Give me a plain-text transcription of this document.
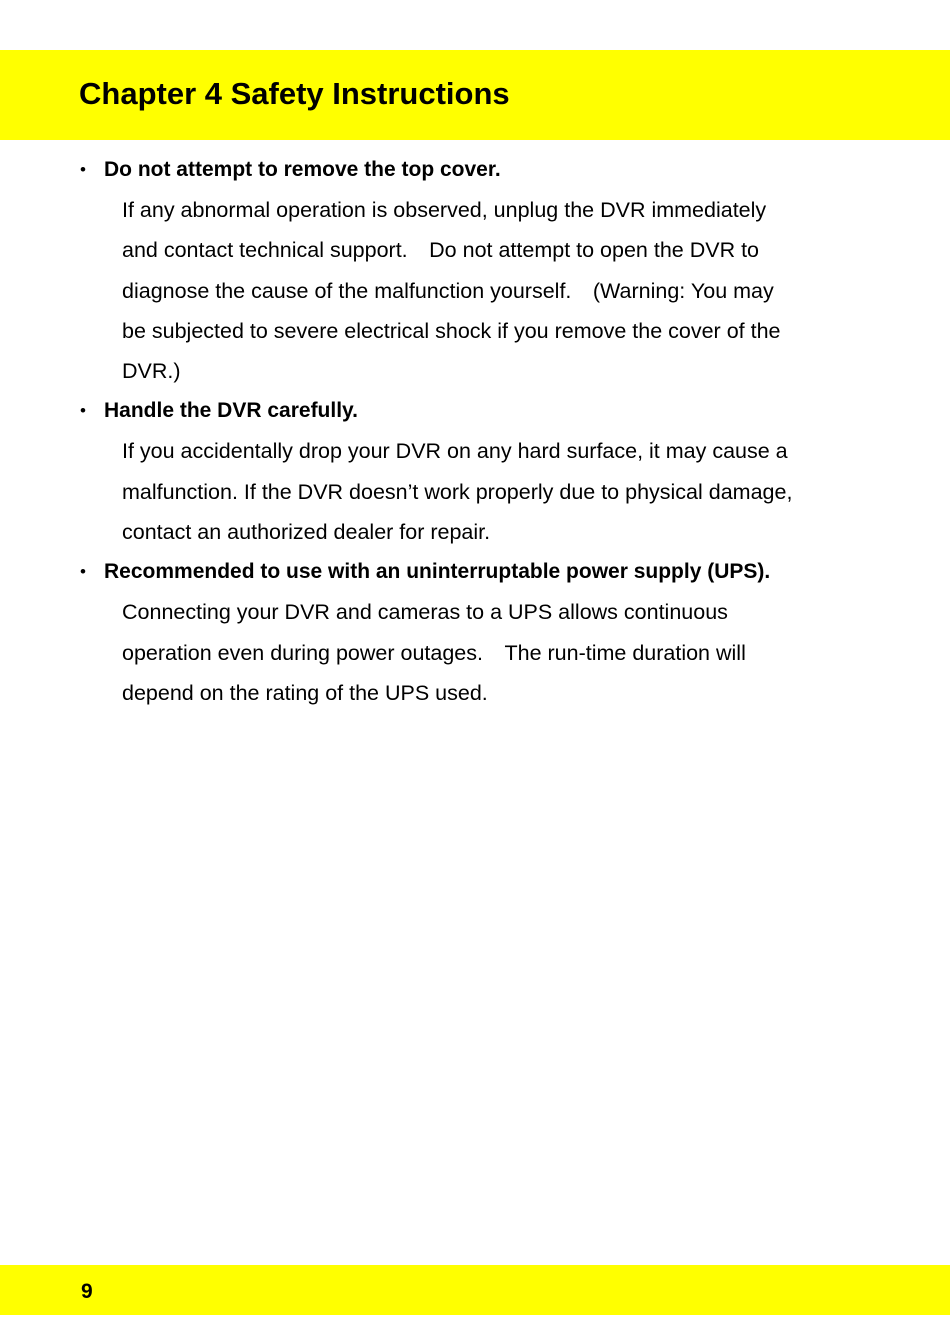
Chapter 4 Safety Instructions
• Do not attempt to remove the top cover.

If any abnormal operation is observed, unplug the DVR immediately
and contact technical support.　Do not attempt to open the DVR to
diagnose the cause of the malfunction yourself.　(Warning: You may
be subjected to severe electrical shock if you remove the cover of the
DVR.)

• Handle the DVR carefully.

If you accidentally drop your DVR on any hard surface, it may cause a
malfunction. If the DVR doesn’t work properly due to physical damage,
contact an authorized dealer for repair.

• Recommended to use with an uninterruptable power supply (UPS).

Connecting your DVR and cameras to a UPS allows continuous
operation even during power outages.　The run-time duration will
depend on the rating of the UPS used.

9
